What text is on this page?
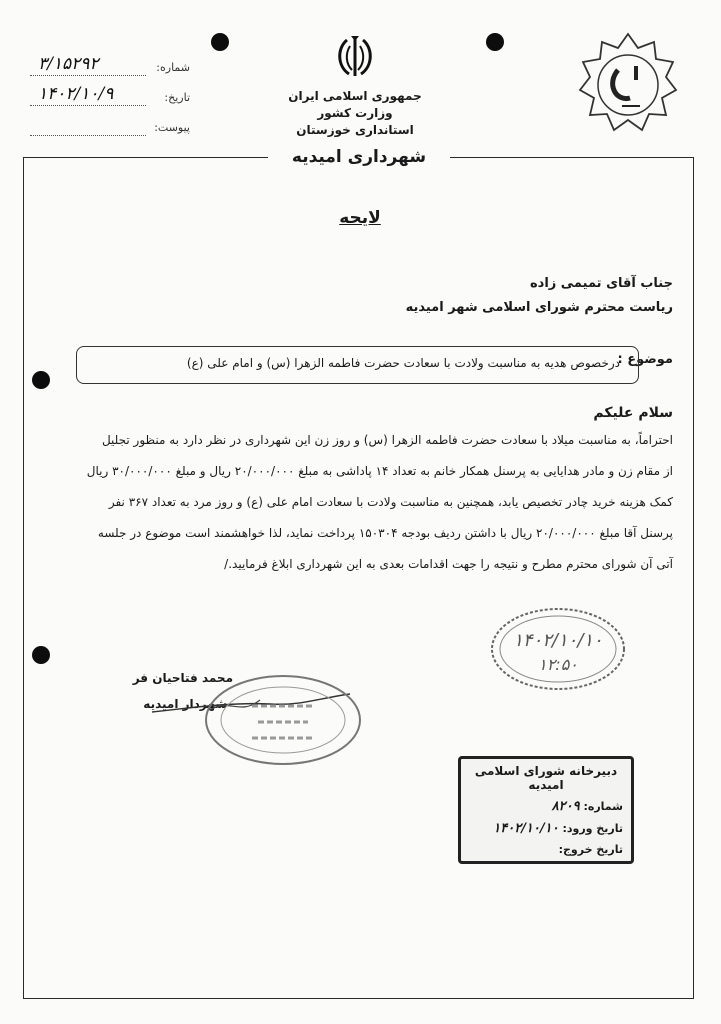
جمهوری اسلامی ایران
وزارت کشور
استانداری خوزستان
شهرداری امیدیه
شماره:
۳/۱۵۲۹۲
تاریخ:
۱۴۰۲/۱۰/۹
پیوست:
لایحه
جناب آقای تمیمی زاده
ریاست محترم شورای اسلامی شهر امیدیه
موضوع :
درخصوص هدیه به مناسبت ولادت با سعادت حضرت فاطمه الزهرا (س) و امام علی (ع)
سلام علیکم
احتراماً، به مناسبت میلاد با سعادت حضرت فاطمه الزهرا (س) و روز زن این شهرداری در نظر دارد به منظور تجلیل
از مقام زن و مادر هدایایی به پرسنل همکار خانم به تعداد ۱۴ پاداشی به مبلغ ۲۰/۰۰۰/۰۰۰ ریال و مبلغ ۳۰/۰۰۰/۰۰۰ ریال
کمک هزینه خرید چادر تخصیص یابد، همچنین به مناسبت ولادت با سعادت امام علی (ع) و روز مرد به تعداد ۳۶۷ نفر
پرسنل آقا مبلغ ۲۰/۰۰۰/۰۰۰ ریال با داشتن ردیف بودجه ۱۵۰۳۰۴ پرداخت نماید، لذا خواهشمند است موضوع در جلسه
آتی آن شورای محترم مطرح و نتیجه را جهت اقدامات بعدی به این شهرداری ابلاغ فرمایید./
۱۴۰۲/۱۰/۱۰
۱۲:۵۰
محمد فتاحیان فر
شهردار امیدیه
دبیرخانه شورای اسلامی امیدیه
شماره: ۸۲۰۹
تاریخ ورود: ۱۴۰۲/۱۰/۱۰
تاریخ خروج:
